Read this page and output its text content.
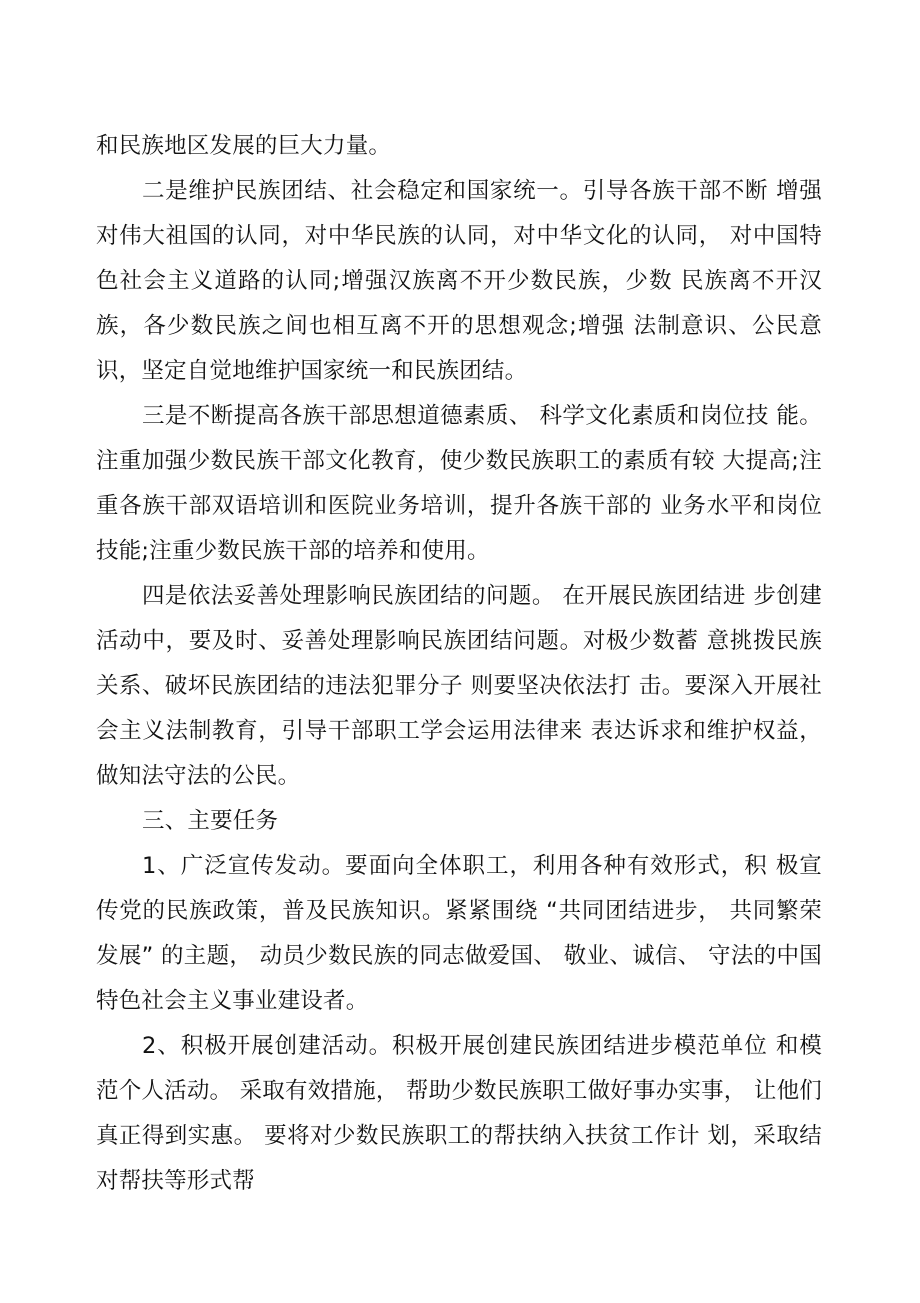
和民族地区发展的巨大力量。

二是维护民族团结、社会稳定和国家统一。引导各族干部不断 增强对伟大祖国的认同，对中华民族的认同，对中华文化的认同， 对中国特色社会主义道路的认同;增强汉族离不开少数民族，少数 民族离不开汉族，各少数民族之间也相互离不开的思想观念;增强 法制意识、公民意识，坚定自觉地维护国家统一和民族团结。

三是不断提高各族干部思想道德素质、 科学文化素质和岗位技 能。注重加强少数民族干部文化教育，使少数民族职工的素质有较 大提高;注重各族干部双语培训和医院业务培训，提升各族干部的 业务水平和岗位技能;注重少数民族干部的培养和使用。

四是依法妥善处理影响民族团结的问题。 在开展民族团结进 步创建活动中，要及时、妥善处理影响民族团结问题。对极少数蓄 意挑拨民族关系、破坏民族团结的违法犯罪分子 则要坚决依法打 击。要深入开展社会主义法制教育，引导干部职工学会运用法律来 表达诉求和维护权益，做知法守法的公民。

三、主要任务

1、广泛宣传发动。要面向全体职工，利用各种有效形式，积 极宣传党的民族政策，普及民族知识。紧紧围绕 “共同团结进步， 共同繁荣发展” 的主题， 动员少数民族的同志做爱国、 敬业、诚信、 守法的中国特色社会主义事业建设者。

2、积极开展创建活动。积极开展创建民族团结进步模范单位 和模范个人活动。 采取有效措施， 帮助少数民族职工做好事办实事， 让他们真正得到实惠。 要将对少数民族职工的帮扶纳入扶贫工作计 划，采取结对帮扶等形式帮
